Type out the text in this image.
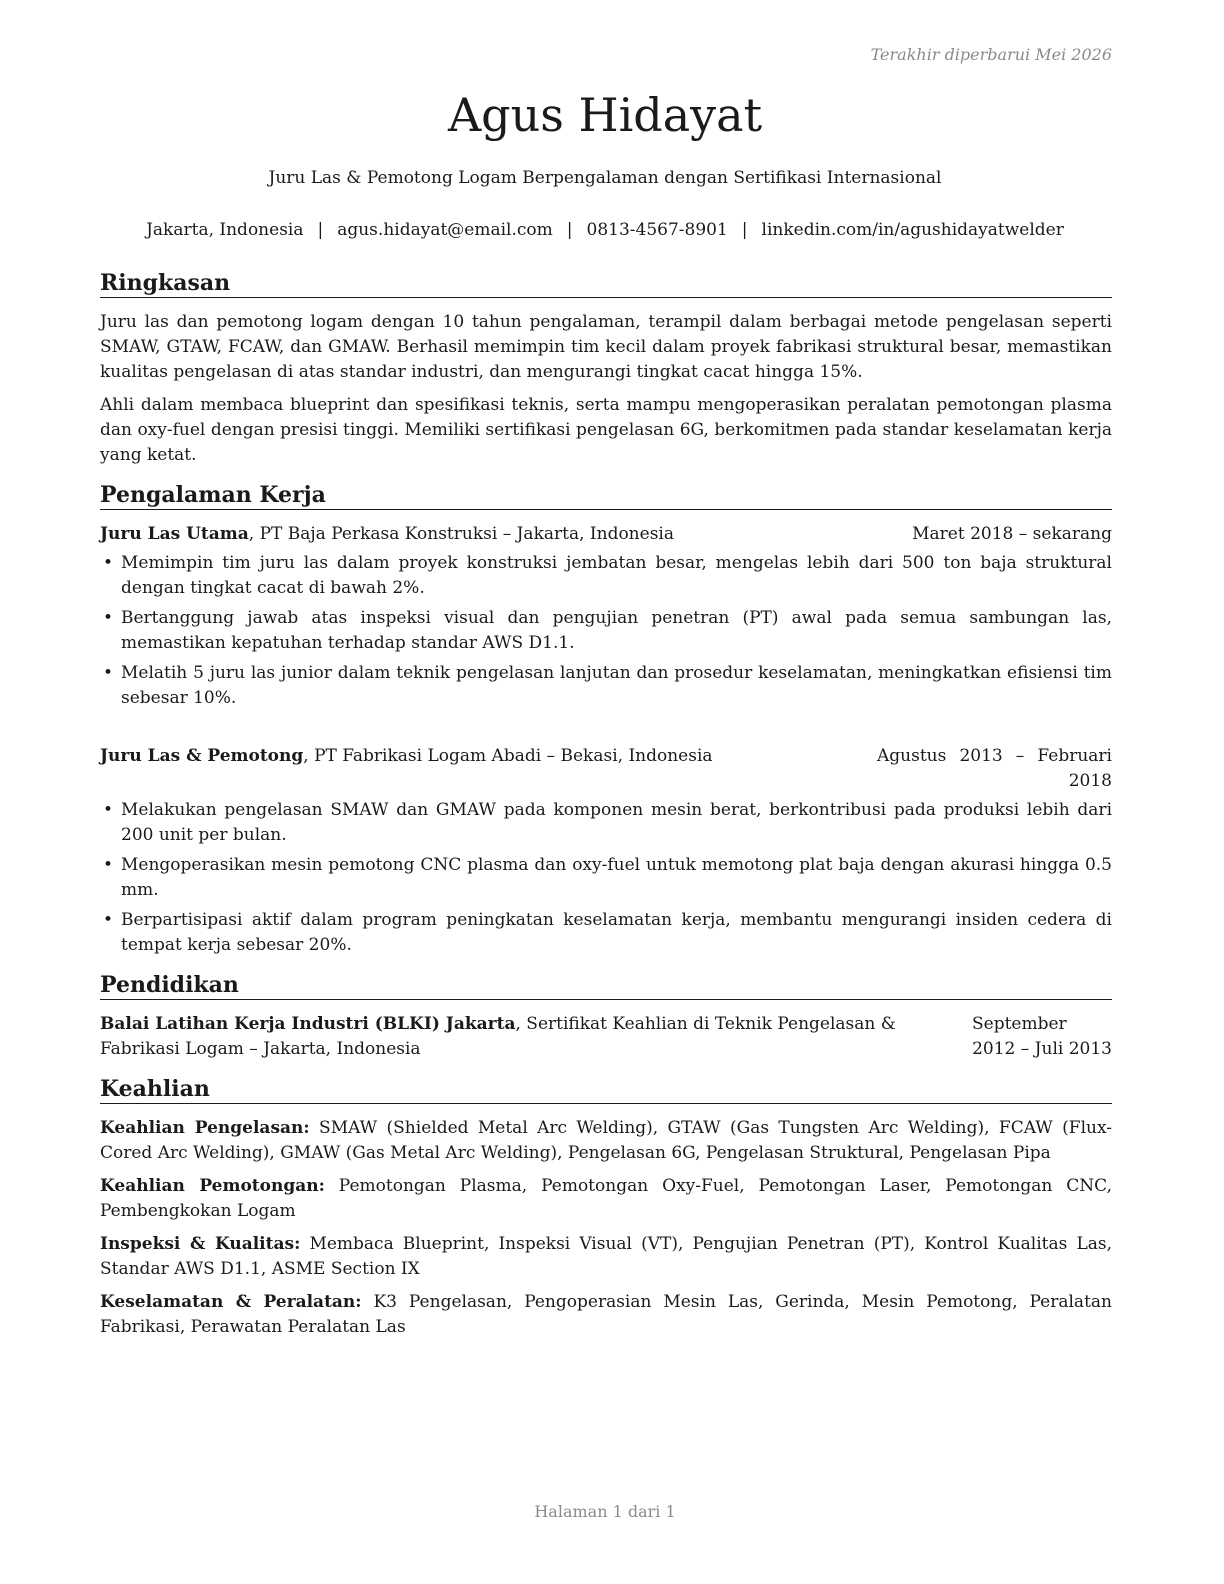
Terakhir diperbarui Mei 2026
Agus Hidayat
Juru Las & Pemotong Logam Berpengalaman dengan Sertifikasi Internasional
Jakarta, Indonesia | agus.hidayat@email.com | 0813-4567-8901 | linkedin.com/in/agushidayatwelder
Ringkasan

Juru las dan pemotong logam dengan 10 tahun pengalaman, terampil dalam berbagai metode pengelasan seperti SMAW, GTAW, FCAW, dan GMAW. Berhasil memimpin tim kecil dalam proyek fabrikasi struktural besar, memastikan kualitas pengelasan di atas standar industri, dan mengurangi tingkat cacat hingga 15%.

Ahli dalam membaca blueprint dan spesifikasi teknis, serta mampu mengoperasikan peralatan pemotongan plasma dan oxy-fuel dengan presisi tinggi. Memiliki sertifikasi pengelasan 6G, berkomitmen pada standar keselamatan kerja yang ketat.

Pengalaman Kerja
Juru Las Utama, PT Baja Perkasa Konstruksi – Jakarta, Indonesia	Maret 2018 – sekarang
• Memimpin tim juru las dalam proyek konstruksi jembatan besar, mengelas lebih dari 500 ton baja struktural dengan tingkat cacat di bawah 2%.
• Bertanggung jawab atas inspeksi visual dan pengujian penetran (PT) awal pada semua sambungan las, memastikan kepatuhan terhadap standar AWS D1.1.
• Melatih 5 juru las junior dalam teknik pengelasan lanjutan dan prosedur keselamatan, meningkatkan efisiensi tim sebesar 10%.
Juru Las & Pemotong, PT Fabrikasi Logam Abadi – Bekasi, Indonesia	Agustus 2013 – Februari 2018
• Melakukan pengelasan SMAW dan GMAW pada komponen mesin berat, berkontribusi pada produksi lebih dari 200 unit per bulan.
• Mengoperasikan mesin pemotong CNC plasma dan oxy-fuel untuk memotong plat baja dengan akurasi hingga 0.5 mm.
• Berpartisipasi aktif dalam program peningkatan keselamatan kerja, membantu mengurangi insiden cedera di tempat kerja sebesar 20%.
Pendidikan
Balai Latihan Kerja Industri (BLKI) Jakarta, Sertifikat Keahlian di Teknik Pengelasan & Fabrikasi Logam – Jakarta, Indonesia
September 2012 – Juli 2013
Keahlian

Keahlian Pengelasan: SMAW (Shielded Metal Arc Welding), GTAW (Gas Tungsten Arc Welding), FCAW (Flux-Cored Arc Welding), GMAW (Gas Metal Arc Welding), Pengelasan 6G, Pengelasan Struktural, Pengelasan Pipa

Keahlian Pemotongan: Pemotongan Plasma, Pemotongan Oxy-Fuel, Pemotongan Laser, Pemotongan CNC, Pembengkokan Logam

Inspeksi & Kualitas: Membaca Blueprint, Inspeksi Visual (VT), Pengujian Penetran (PT), Kontrol Kualitas Las, Standar AWS D1.1, ASME Section IX

Keselamatan & Peralatan: K3 Pengelasan, Pengoperasian Mesin Las, Gerinda, Mesin Pemotong, Peralatan Fabrikasi, Perawatan Peralatan Las

Halaman 1 dari 1
